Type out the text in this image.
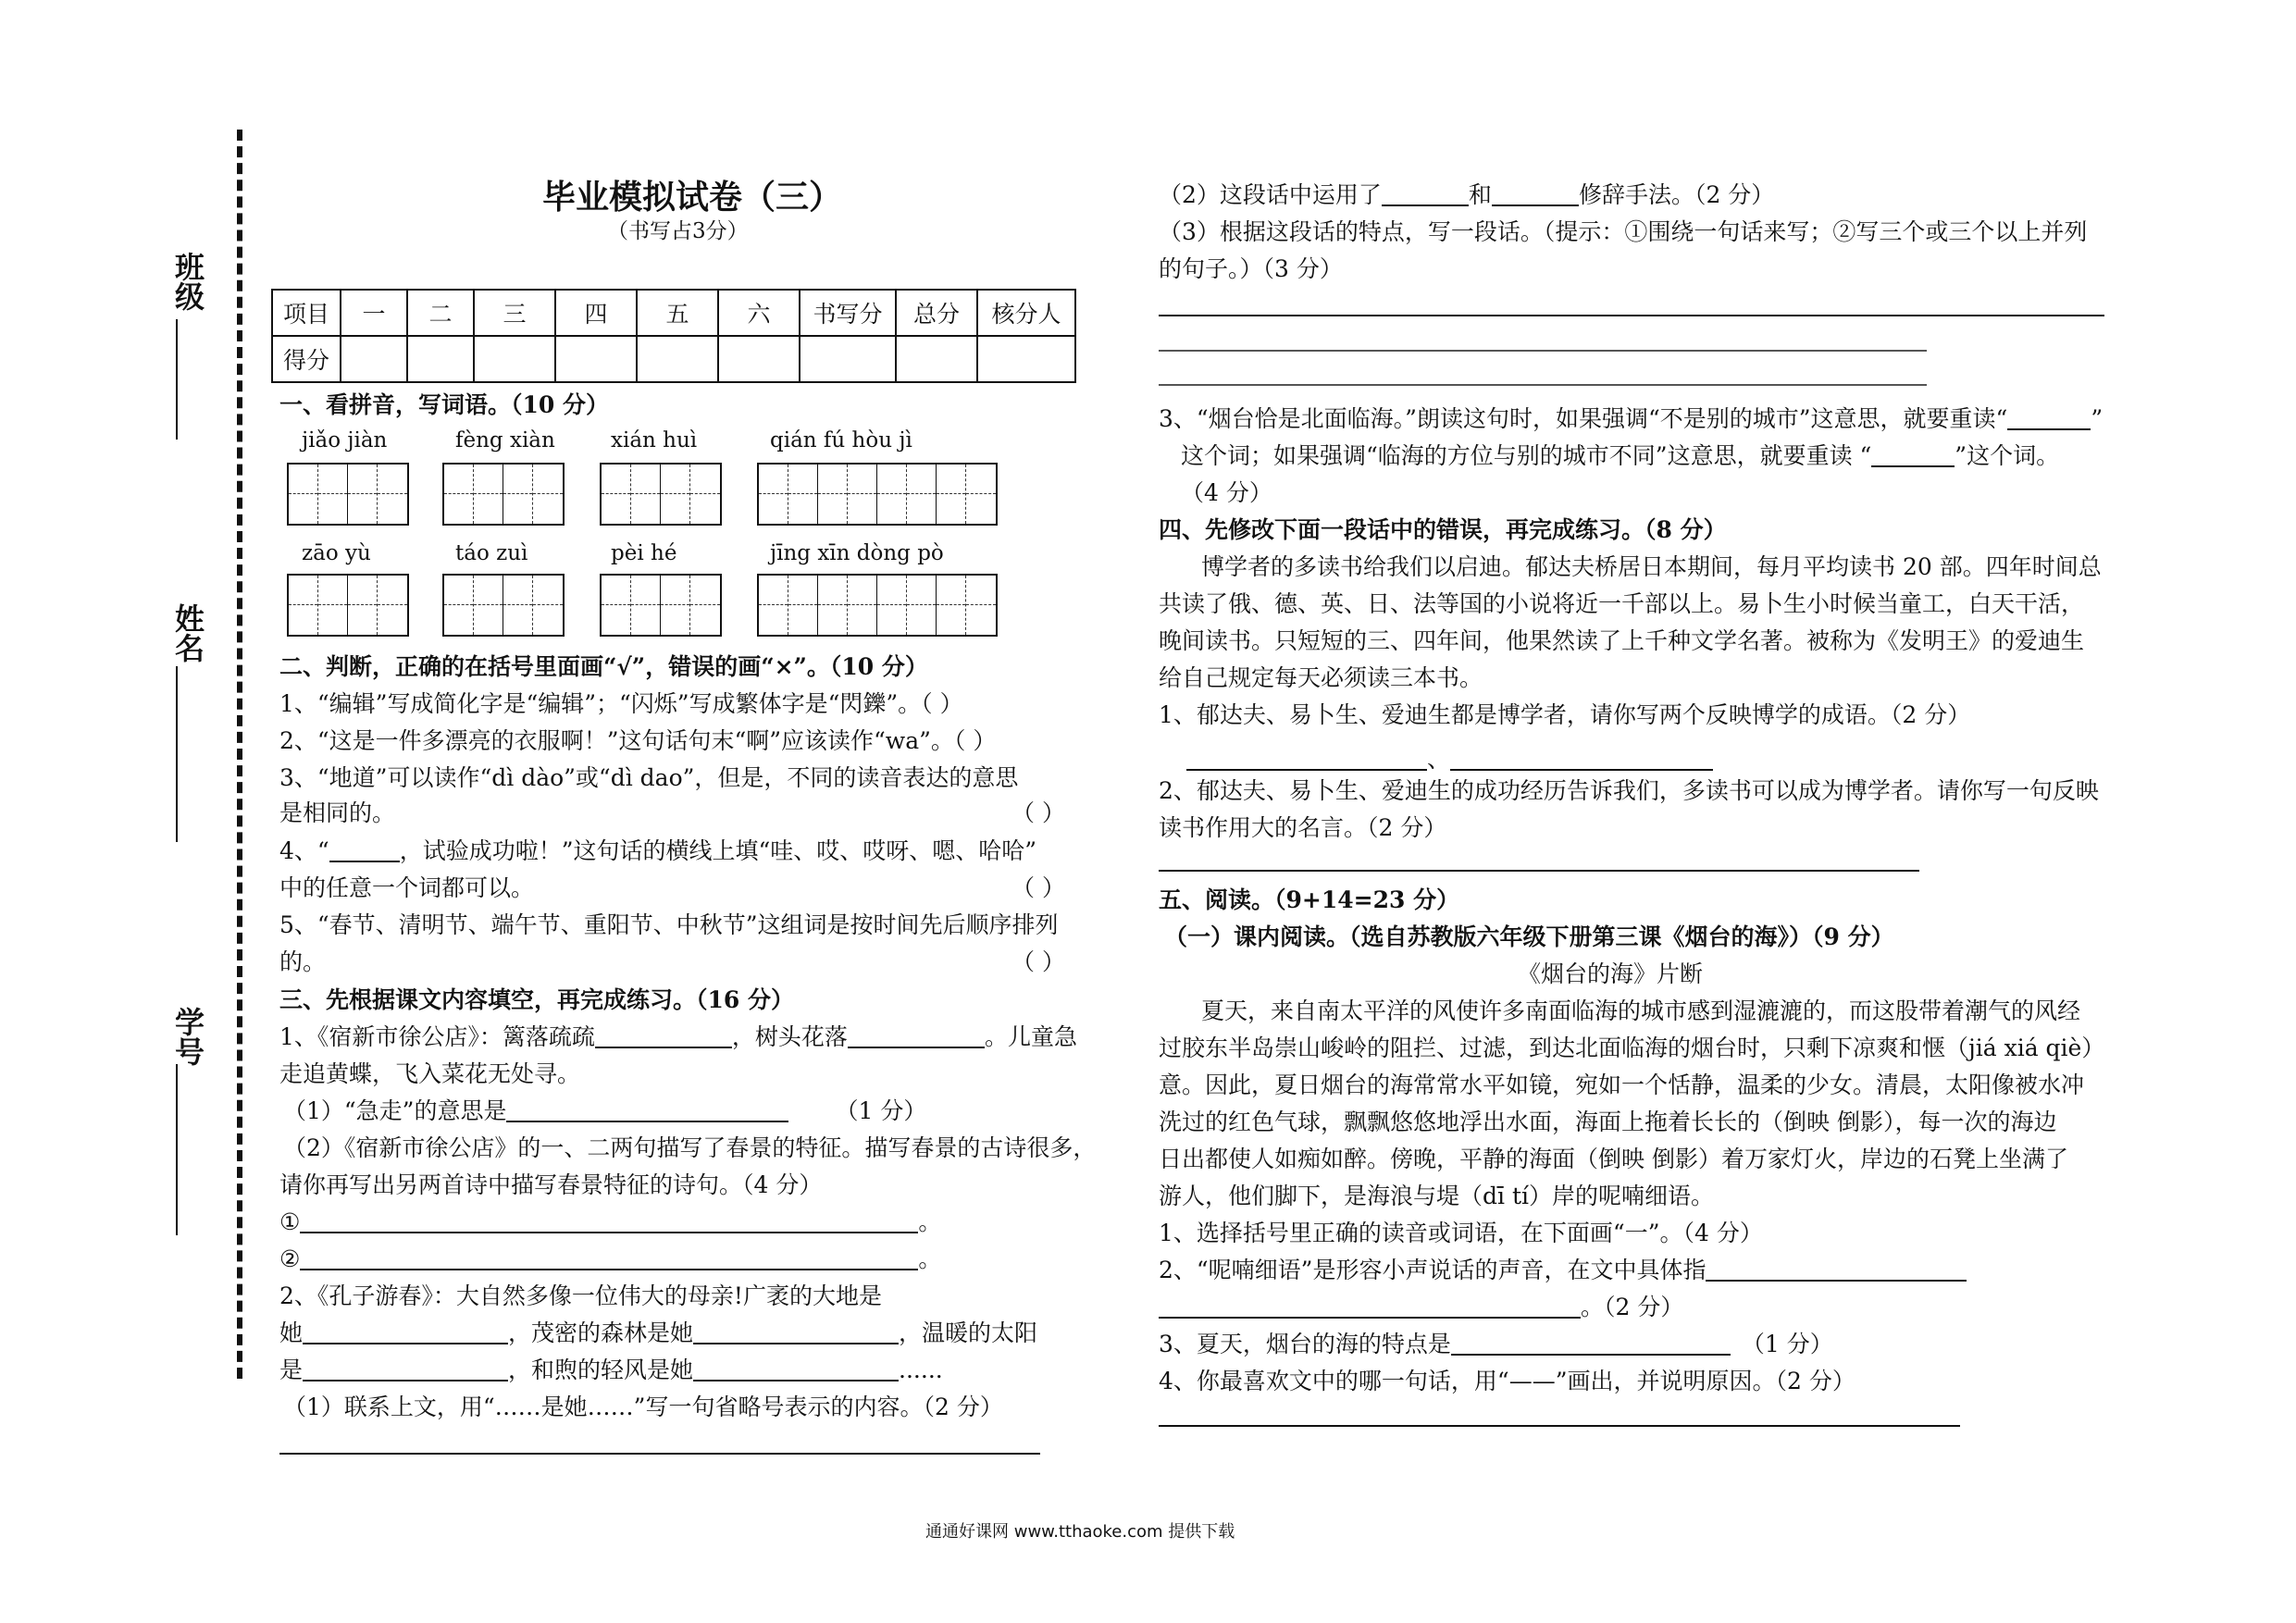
班级
姓名
学号
毕业模拟试卷（三）
（书写占3分）
项目	一	二	三	四	五	六	书写分	总分	核分人
得分									
一、看拼音，写词语。（10 分）
jiǎo jiàn	fèng xiàn	xián huì	qián fú hòu jì
zāo yù	táo zuì	pèi hé	jīng xīn dòng pò
二、判断，正确的在括号里面画“√”，错误的画“×”。（10 分）
1、“编辑”写成简化字是“编辑”；“闪烁”写成繁体字是“閃鑠”。（ ）
2、“这是一件多漂亮的衣服啊！”这句话句末“啊”应该读作“wa”。（ ）
3、“地道”可以读作“dì dào”或“dì dao”，但是，不同的读音表达的意思
是相同的。	（ ）
4、“	，试验成功啦！”这句话的横线上填“哇、哎、哎呀、嗯、哈哈”
中的任意一个词都可以。	（ ）
5、“春节、清明节、端午节、重阳节、中秋节”这组词是按时间先后顺序排列
的。	（ ）
三、先根据课文内容填空，再完成练习。（16 分）
1、《宿新市徐公店》：篱落疏疏	，树头花落	。儿童急
走追黄蝶，飞入菜花无处寻。
（1）“急走”的意思是	（1 分）
（2）《宿新市徐公店》的一、二两句描写了春景的特征。描写春景的古诗很多，
请你再写出另两首诗中描写春景特征的诗句。（4 分）
①	。
②	。
2、《孔子游春》：大自然多像一位伟大的母亲!广袤的大地是
她	，茂密的森林是她	，温暖的太阳
是	，和煦的轻风是她	......
（1）联系上文，用“……是她……”写一句省略号表示的内容。（2 分）
（2）这段话中运用了	和	修辞手法。（2 分）
（3）根据这段话的特点，写一段话。（提示：①围绕一句话来写；②写三个或三个以上并列
的句子。）（3 分）
3、“烟台恰是北面临海。”朗读这句时，如果强调“不是别的城市”这意思，就要重读“	”
这个词；如果强调“临海的方位与别的城市不同”这意思，就要重读 “	”这个词。
（4 分）
四、先修改下面一段话中的错误，再完成练习。（8 分）
博学者的多读书给我们以启迪。郁达夫桥居日本期间，每月平均读书 20 部。四年时间总
共读了俄、德、英、日、法等国的小说将近一千部以上。易卜生小时候当童工，白天干活，
晚间读书。只短短的三、四年间，他果然读了上千种文学名著。被称为《发明王》的爱迪生
给自己规定每天必须读三本书。
1、郁达夫、易卜生、爱迪生都是博学者，请你写两个反映博学的成语。（2 分）
、
2、郁达夫、易卜生、爱迪生的成功经历告诉我们，多读书可以成为博学者。请你写一句反映
读书作用大的名言。（2 分）
五、阅读。（9+14=23 分）
（一）课内阅读。（选自苏教版六年级下册第三课《烟台的海》）（9 分）
《烟台的海》片断
夏天，来自南太平洋的风使许多南面临海的城市感到湿漉漉的，而这股带着潮气的风经
过胶东半岛崇山峻岭的阻拦、过滤，到达北面临海的烟台时，只剩下凉爽和惬（jiá xiá qiè）
意。因此，夏日烟台的海常常水平如镜，宛如一个恬静，温柔的少女。清晨，太阳像被水冲
洗过的红色气球，飘飘悠悠地浮出水面，海面上拖着长长的（倒映 倒影），每一次的海边
日出都使人如痴如醉。傍晚，平静的海面（倒映 倒影）着万家灯火，岸边的石凳上坐满了
游人，他们脚下，是海浪与堤（dī tí）岸的呢喃细语。
1、选择括号里正确的读音或词语，在下面画“一”。（4 分）
2、“呢喃细语”是形容小声说话的声音，在文中具体指
。（2 分）
3、夏天，烟台的海的特点是	（1 分）
4、你最喜欢文中的哪一句话，用“——”画出，并说明原因。（2 分）
通通好课网 www.tthaoke.com 提供下载
